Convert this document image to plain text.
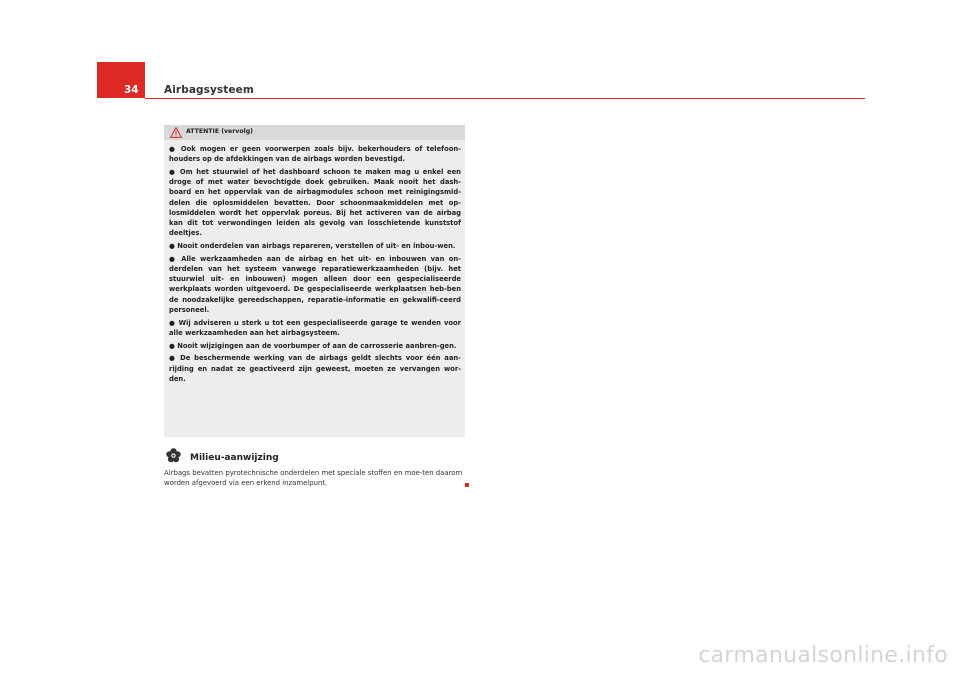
34 Airbagsysteem
ATTENTIE (vervolg)

● Ook mogen er geen voorwerpen zoals bijv. bekerhouders of telefoon-houders op de afdekkingen van de airbags worden bevestigd.

● Om het stuurwiel of het dashboard schoon te maken mag u enkel een droge of met water bevochtigde doek gebruiken. Maak nooit het dash-board en het oppervlak van de airbagmodules schoon met reinigingsmid-delen die oplosmiddelen bevatten. Door schoonmaakmiddelen met op-losmiddelen wordt het oppervlak poreus. Bij het activeren van de airbag kan dit tot verwondingen leiden als gevolg van losschietende kunststof deeltjes.

● Nooit onderdelen van airbags repareren, verstellen of uit- en inbou-wen.

● Alle werkzaamheden aan de airbag en het uit- en inbouwen van on-derdelen van het systeem vanwege reparatiewerkzaamheden (bijv. het stuurwiel uit- en inbouwen) mogen alleen door een gespecialiseerde werkplaats worden uitgevoerd. De gespecialiseerde werkplaatsen heb-ben de noodzakelijke gereedschappen, reparatie-informatie en gekwalifi-ceerd personeel.

● Wij adviseren u sterk u tot een gespecialiseerde garage te wenden voor alle werkzaamheden aan het airbagsysteem.

● Nooit wijzigingen aan de voorbumper of aan de carrosserie aanbren-gen.

● De beschermende werking van de airbags geldt slechts voor één aan-rijding en nadat ze geactiveerd zijn geweest, moeten ze vervangen wor-den.

Milieu-aanwijzing
Airbags bevatten pyrotechnische onderdelen met speciale stoffen en moe-ten daarom worden afgevoerd via een erkend inzamelpunt.
carmanualsonline.info
